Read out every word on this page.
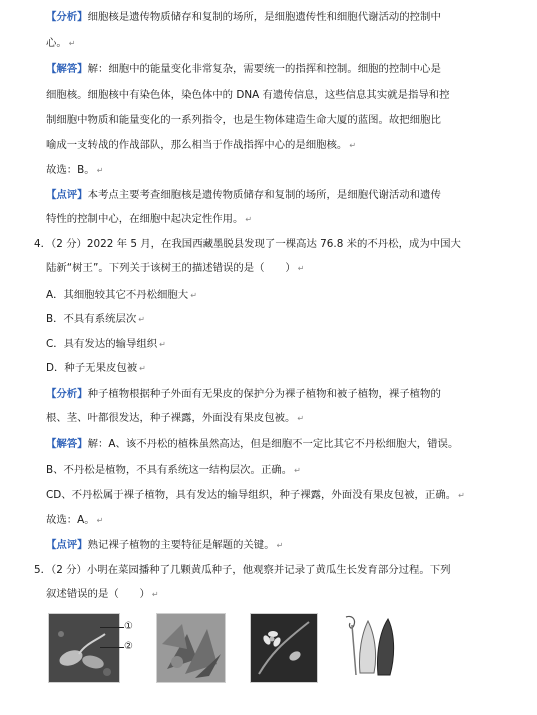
【分析】细胞核是遗传物质储存和复制的场所，是细胞遗传性和细胞代谢活动的控制中
心。 ↵
【解答】解：细胞中的能量变化非常复杂，需要统一的指挥和控制。细胞的控制中心是
细胞核。细胞核中有染色体，染色体中的 DNA 有遗传信息，这些信息其实就是指导和控
制细胞中物质和能量变化的一系列指令，也是生物体建造生命大厦的蓝图。故把细胞比
喻成一支转战的作战部队，那么相当于作战指挥中心的是细胞核。 ↵
故选：B。 ↵
【点评】本考点主要考查细胞核是遗传物质储存和复制的场所，是细胞代谢活动和遗传
特性的控制中心，在细胞中起决定性作用。 ↵
4．（2 分）2022 年 5 月，在我国西藏墨脱县发现了一棵高达 76.8 米的不丹松，成为中国大
陆新“树王”。下列关于该树王的描述错误的是（　　） ↵
A．其细胞较其它不丹松细胞大 ↵
B．不具有系统层次 ↵
C．具有发达的输导组织 ↵
D．种子无果皮包被 ↵
【分析】种子植物根据种子外面有无果皮的保护分为裸子植物和被子植物，裸子植物的
根、茎、叶都很发达，种子裸露，外面没有果皮包被。 ↵
【解答】解：A、该不丹松的植株虽然高达，但是细胞不一定比其它不丹松细胞大，错误。
B、不丹松是植物，不具有系统这一结构层次。正确。 ↵
CD、不丹松属于裸子植物，具有发达的输导组织，种子裸露，外面没有果皮包被，正确。 ↵
故选：A。 ↵
【点评】熟记裸子植物的主要特征是解题的关键。 ↵
5．（2 分）小明在菜园播种了几颗黄瓜种子，他观察并记录了黄瓜生长发育部分过程。下列
叙述错误的是（　　） ↵
①
②
